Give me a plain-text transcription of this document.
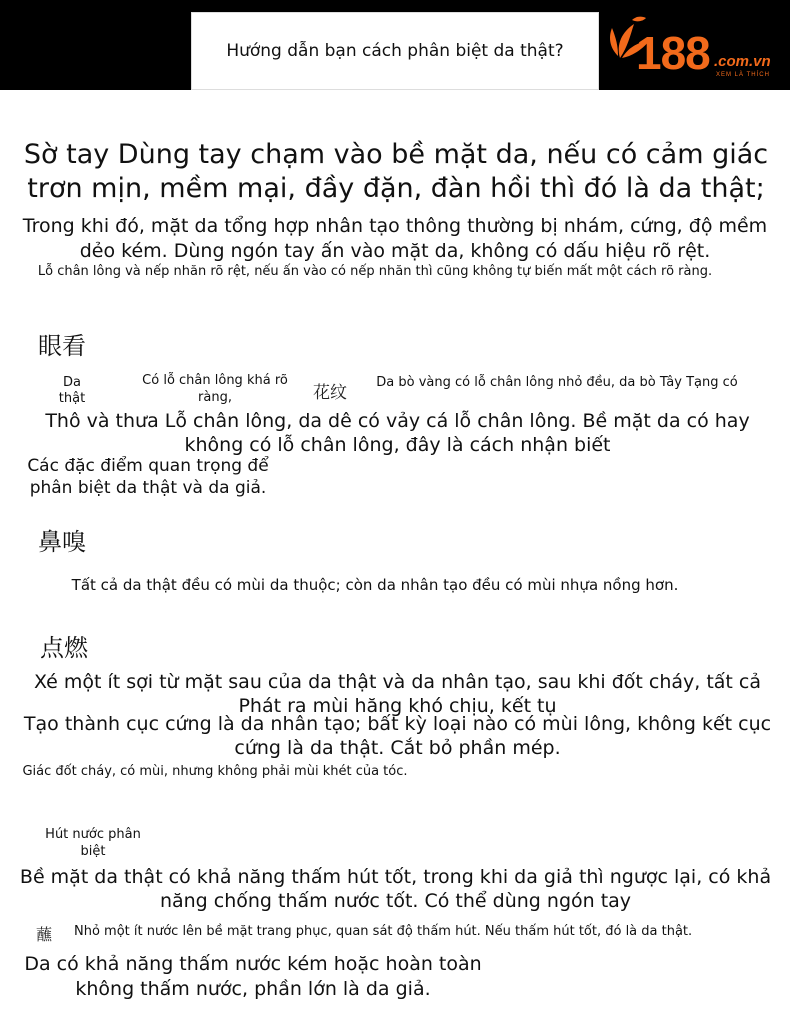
Hướng dẫn bạn cách phân biệt da thật?	188 .com.vn
XEM LÀ THÍCH
Sờ tay Dùng tay chạm vào bề mặt da, nếu có cảm giác trơn mịn, mềm mại, đầy đặn, đàn hồi thì đó là da thật;
Trong khi đó, mặt da tổng hợp nhân tạo thông thường bị nhám, cứng, độ mềm dẻo kém. Dùng ngón tay ấn vào mặt da, không có dấu hiệu rõ rệt.
Lỗ chân lông và nếp nhăn rõ rệt, nếu ấn vào có nếp nhăn thì cũng không tự biến mất một cách rõ ràng.
眼看
Da thật
Có lỗ chân lông khá rõ ràng,	花纹
Da bò vàng có lỗ chân lông nhỏ đều, da bò Tây Tạng có
Thô và thưa Lỗ chân lông, da dê có vảy cá lỗ chân lông. Bề mặt da có hay không có lỗ chân lông, đây là cách nhận biết
Các đặc điểm quan trọng để phân biệt da thật và da giả.
鼻嗅
Tất cả da thật đều có mùi da thuộc; còn da nhân tạo đều có mùi nhựa nồng hơn.
点燃
Xé một ít sợi từ mặt sau của da thật và da nhân tạo, sau khi đốt cháy, tất cả Phát ra mùi hăng khó chịu, kết tụ
Tạo thành cục cứng là da nhân tạo; bất kỳ loại nào có mùi lông, không kết cục cứng là da thật. Cắt bỏ phần mép.
Giác đốt cháy, có mùi, nhưng không phải mùi khét của tóc.
Hút nước phân biệt
Bề mặt da thật có khả năng thấm hút tốt, trong khi da giả thì ngược lại, có khả năng chống thấm nước tốt. Có thể dùng ngón tay
蘸 Nhỏ một ít nước lên bề mặt trang phục, quan sát độ thấm hút. Nếu thấm hút tốt, đó là da thật.
Da có khả năng thấm nước kém hoặc hoàn toàn không thấm nước, phần lớn là da giả.
